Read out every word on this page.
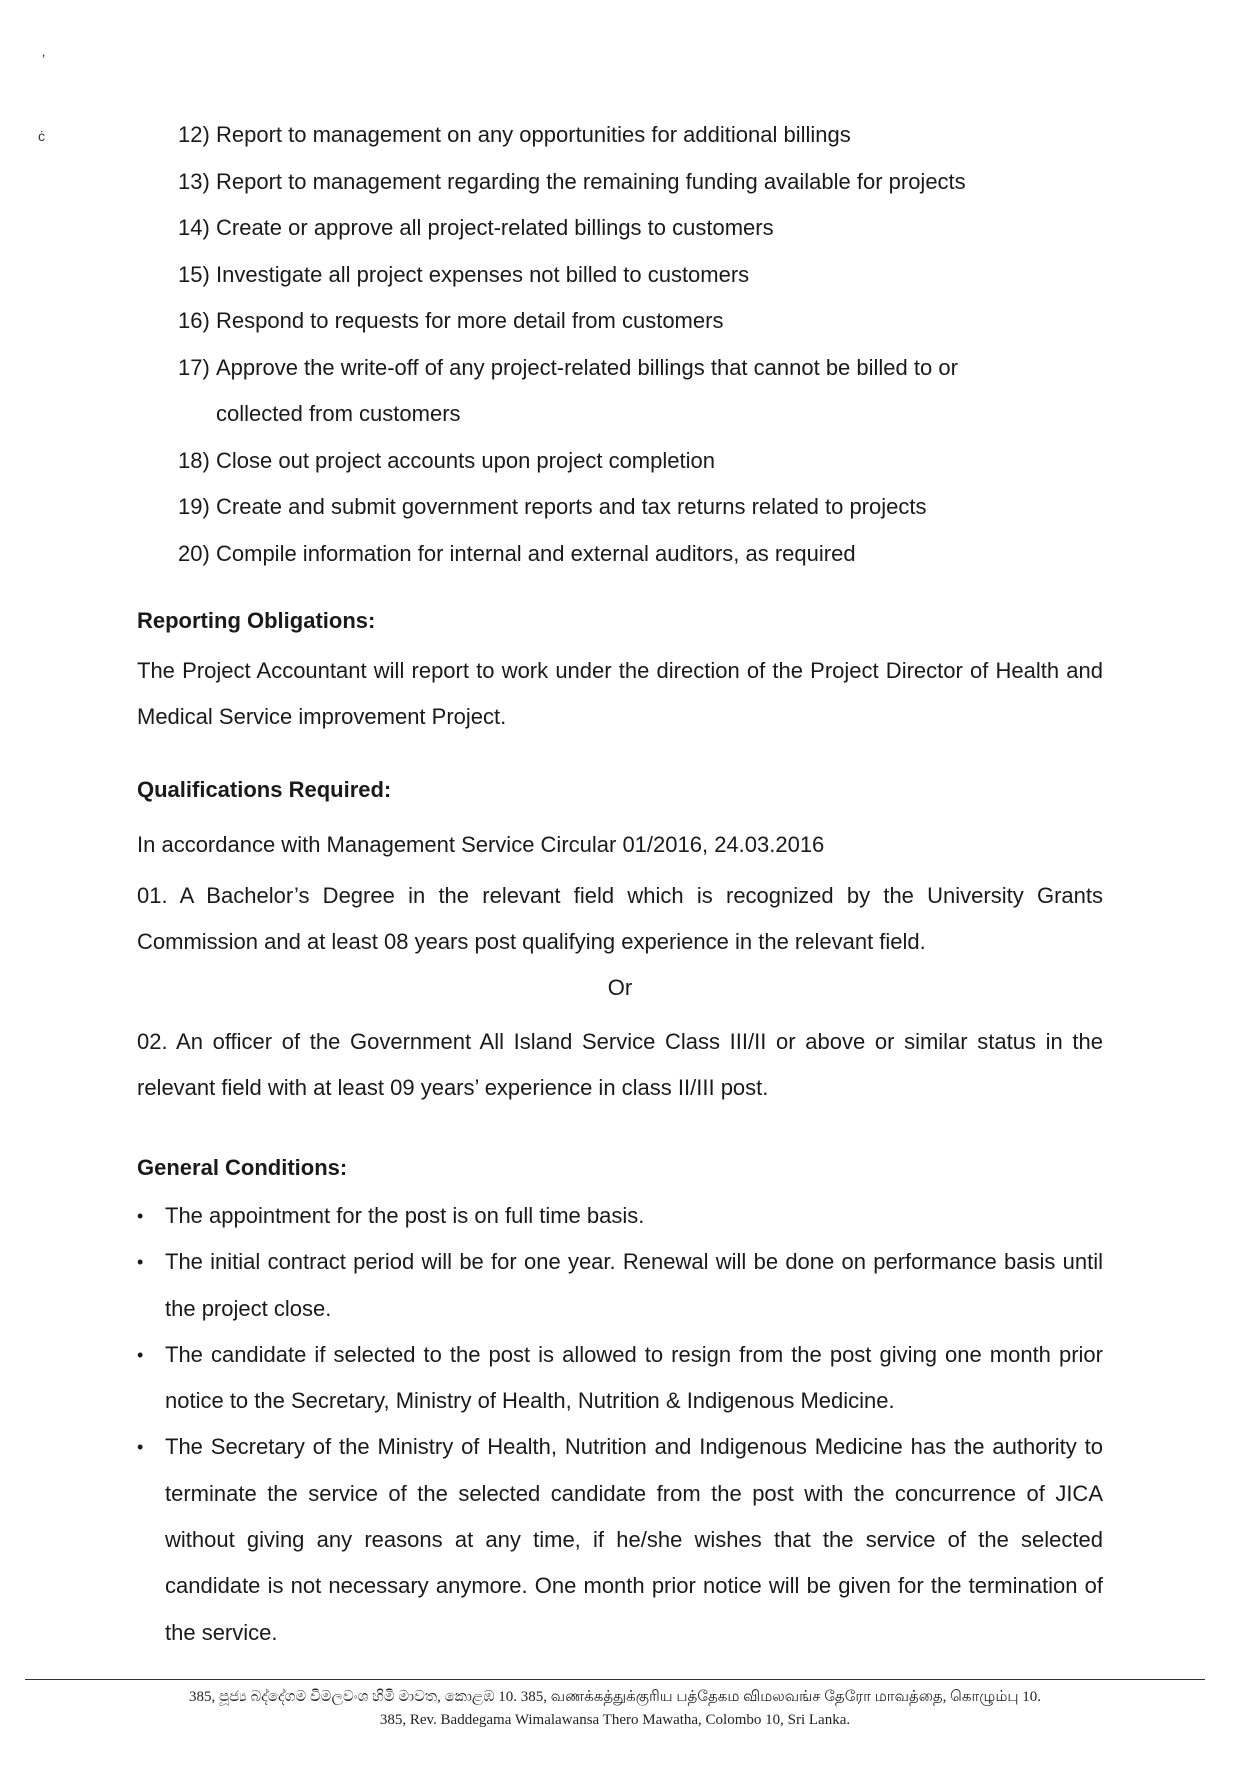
ʽ
ċ	12) Report to management on any opportunities for additional billings
13) Report to management regarding the remaining funding available for projects
14) Create or approve all project-related billings to customers
15) Investigate all project expenses not billed to customers
16) Respond to requests for more detail from customers
17) Approve the write-off of any project-related billings that cannot be billed to or collected from customers
18) Close out project accounts upon project completion
19) Create and submit government reports and tax returns related to projects
20) Compile information for internal and external auditors, as required
Reporting Obligations:
The Project Accountant will report to work under the direction of the Project Director of Health and Medical Service improvement Project.
Qualifications Required:
In accordance with Management Service Circular 01/2016, 24.03.2016
01. A Bachelor’s Degree in the relevant field which is recognized by the University Grants Commission and at least 08 years post qualifying experience in the relevant field.
Or
02. An officer of the Government All Island Service Class III/II or above or similar status in the relevant field with at least 09 years’ experience in class II/III post.
General Conditions:
• The appointment for the post is on full time basis.
• The initial contract period will be for one year. Renewal will be done on performance basis until the project close.
• The candidate if selected to the post is allowed to resign from the post giving one month prior notice to the Secretary, Ministry of Health, Nutrition & Indigenous Medicine.
• The Secretary of the Ministry of Health, Nutrition and Indigenous Medicine has the authority to terminate the service of the selected candidate from the post with the concurrence of JICA without giving any reasons at any time, if he/she wishes that the service of the selected candidate is not necessary anymore. One month prior notice will be given for the termination of the service.
385, පූජ්‍ය බද්දේගම විමලවංශ හිමි මාවත, කොළඹ 10. 385, வணக்கத்துக்குரிய பத்தேகம விமலவங்ச தேரோ மாவத்தை, கொழும்பு 10.
385, Rev. Baddegama Wimalawansa Thero Mawatha, Colombo 10, Sri Lanka.
